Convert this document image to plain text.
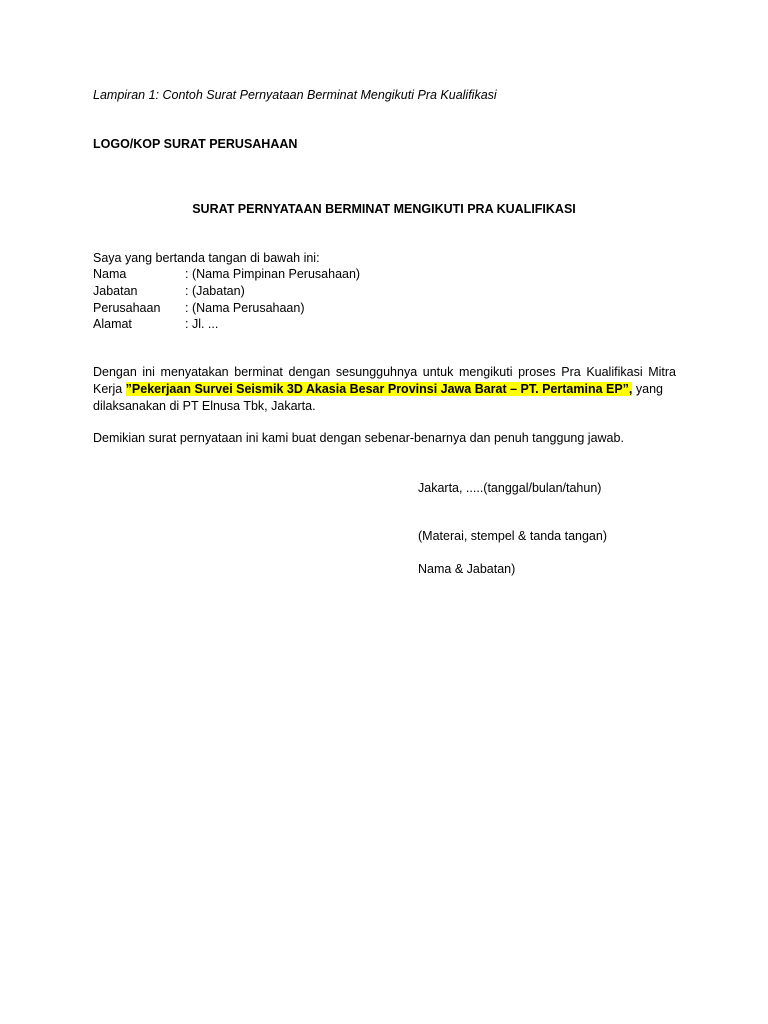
Lampiran 1: Contoh Surat Pernyataan Berminat Mengikuti Pra Kualifikasi
LOGO/KOP SURAT PERUSAHAAN
SURAT PERNYATAAN BERMINAT MENGIKUTI PRA KUALIFIKASI
Saya yang bertanda tangan di bawah ini:
Nama	: (Nama Pimpinan Perusahaan)
Jabatan	: (Jabatan)
Perusahaan : (Nama Perusahaan)
Alamat	: Jl. ...
Dengan ini menyatakan berminat dengan sesungguhnya untuk mengikuti proses Pra Kualifikasi Mitra Kerja ”Pekerjaan Survei Seismik 3D Akasia Besar Provinsi Jawa Barat – PT. Pertamina EP”, yang
dilaksanakan di PT Elnusa Tbk, Jakarta.
Demikian surat pernyataan ini kami buat dengan sebenar-benarnya dan penuh tanggung jawab.
Jakarta, .....(tanggal/bulan/tahun)
(Materai, stempel & tanda tangan)
Nama & Jabatan)
